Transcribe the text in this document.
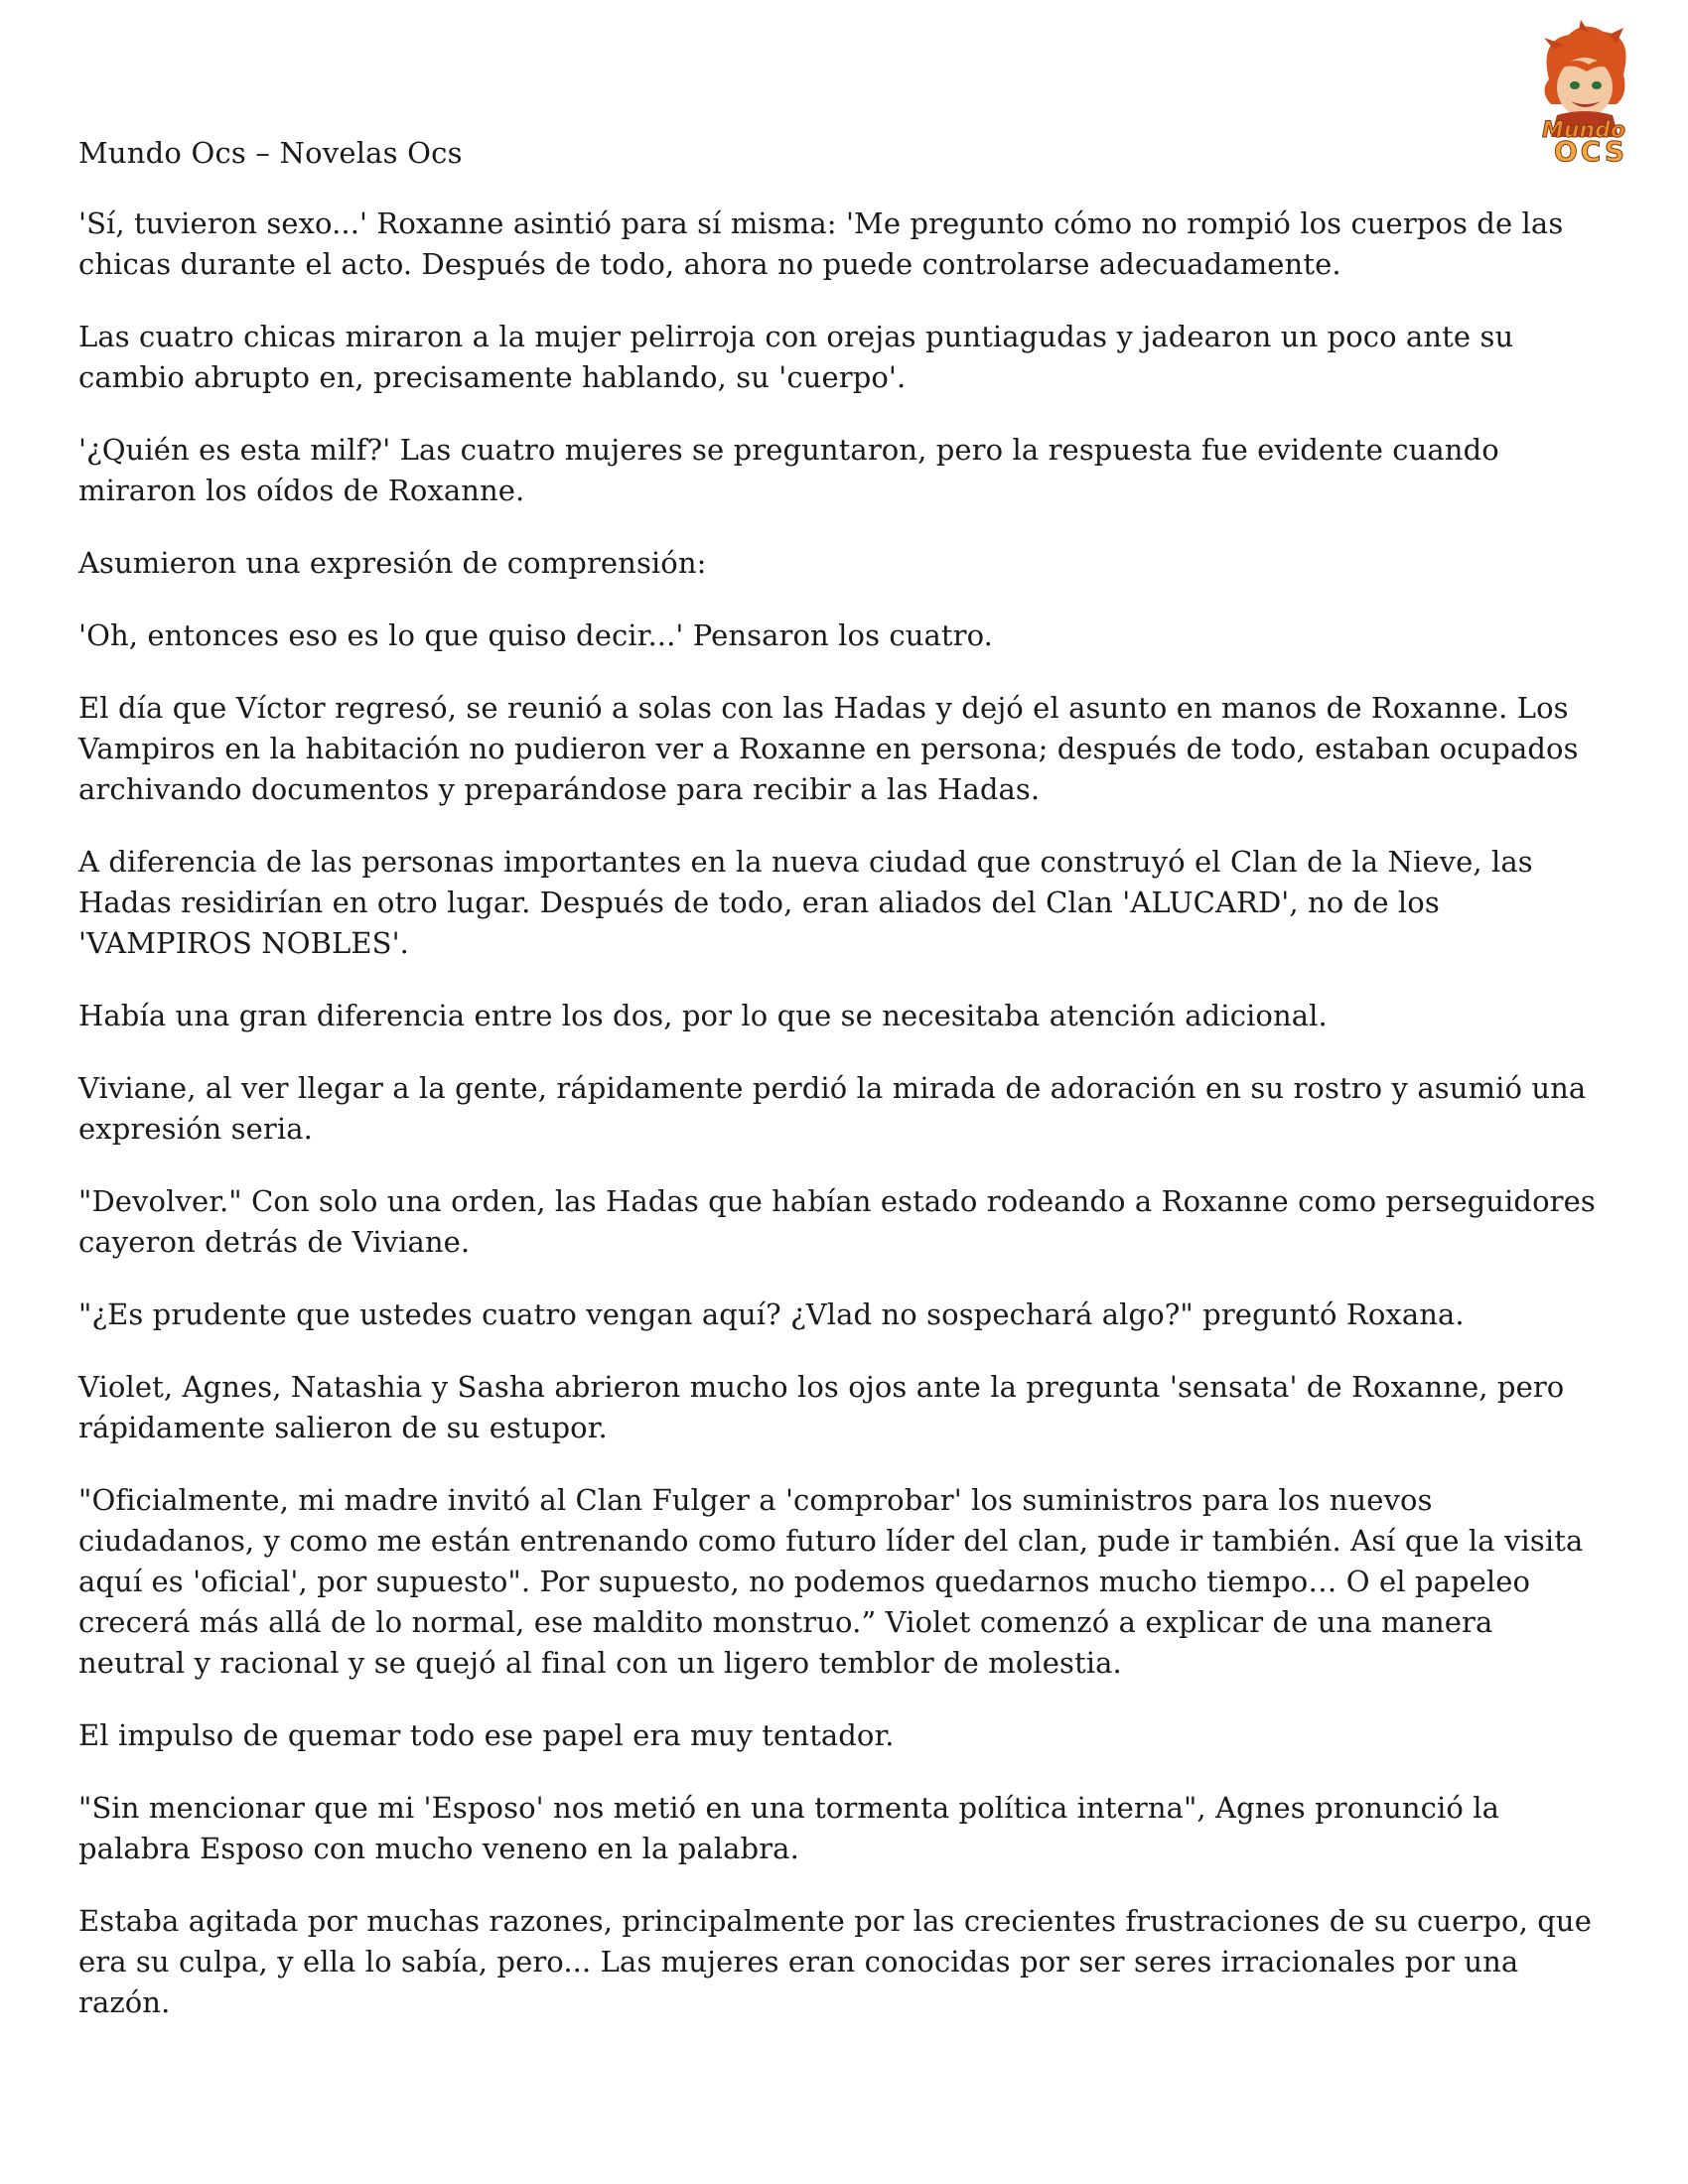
Mundo
OCS
Mundo Ocs – Novelas Ocs

'Sí, tuvieron sexo...' Roxanne asintió para sí misma: 'Me pregunto cómo no rompió los cuerpos de las chicas durante el acto. Después de todo, ahora no puede controlarse adecuadamente.

Las cuatro chicas miraron a la mujer pelirroja con orejas puntiagudas y jadearon un poco ante su cambio abrupto en, precisamente hablando, su 'cuerpo'.

'¿Quién es esta milf?' Las cuatro mujeres se preguntaron, pero la respuesta fue evidente cuando miraron los oídos de Roxanne.

Asumieron una expresión de comprensión:

'Oh, entonces eso es lo que quiso decir...' Pensaron los cuatro.

El día que Víctor regresó, se reunió a solas con las Hadas y dejó el asunto en manos de Roxanne. Los Vampiros en la habitación no pudieron ver a Roxanne en persona; después de todo, estaban ocupados archivando documentos y preparándose para recibir a las Hadas.

A diferencia de las personas importantes en la nueva ciudad que construyó el Clan de la Nieve, las Hadas residirían en otro lugar. Después de todo, eran aliados del Clan 'ALUCARD', no de los 'VAMPIROS NOBLES'.

Había una gran diferencia entre los dos, por lo que se necesitaba atención adicional.

Viviane, al ver llegar a la gente, rápidamente perdió la mirada de adoración en su rostro y asumió una expresión seria.

"Devolver." Con solo una orden, las Hadas que habían estado rodeando a Roxanne como perseguidores cayeron detrás de Viviane.

"¿Es prudente que ustedes cuatro vengan aquí? ¿Vlad no sospechará algo?" preguntó Roxana.

Violet, Agnes, Natashia y Sasha abrieron mucho los ojos ante la pregunta 'sensata' de Roxanne, pero rápidamente salieron de su estupor.

"Oficialmente, mi madre invitó al Clan Fulger a 'comprobar' los suministros para los nuevos ciudadanos, y como me están entrenando como futuro líder del clan, pude ir también. Así que la visita aquí es 'oficial', por supuesto". Por supuesto, no podemos quedarnos mucho tiempo… O el papeleo crecerá más allá de lo normal, ese maldito monstruo.” Violet comenzó a explicar de una manera neutral y racional y se quejó al final con un ligero temblor de molestia.

El impulso de quemar todo ese papel era muy tentador.

"Sin mencionar que mi 'Esposo' nos metió en una tormenta política interna", Agnes pronunció la palabra Esposo con mucho veneno en la palabra.

Estaba agitada por muchas razones, principalmente por las crecientes frustraciones de su cuerpo, que era su culpa, y ella lo sabía, pero... Las mujeres eran conocidas por ser seres irracionales por una razón.
